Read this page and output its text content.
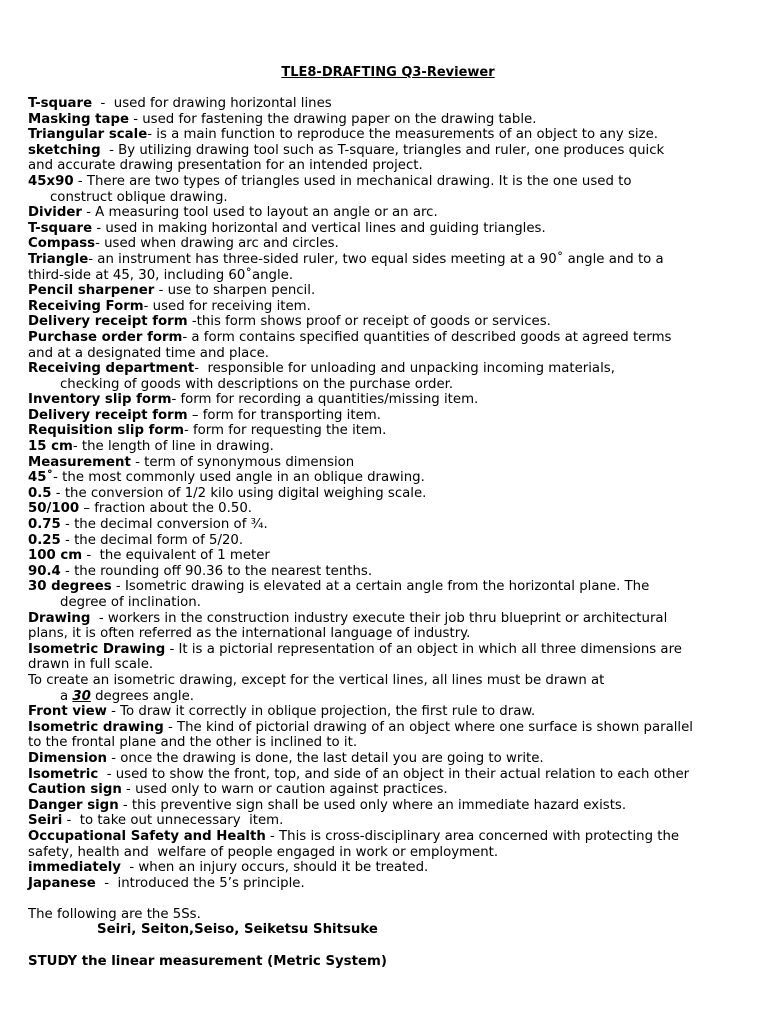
TLE8-DRAFTING Q3-Reviewer
T-square  -  used for drawing horizontal lines
Masking tape - used for fastening the drawing paper on the drawing table.
Triangular scale- is a main function to reproduce the measurements of an object to any size.
sketching  - By utilizing drawing tool such as T-square, triangles and ruler, one produces quick
and accurate drawing presentation for an intended project.
45x90 - There are two types of triangles used in mechanical drawing. It is the one used to
construct oblique drawing.
Divider - A measuring tool used to layout an angle or an arc.
T-square - used in making horizontal and vertical lines and guiding triangles.
Compass- used when drawing arc and circles.
Triangle- an instrument has three-sided ruler, two equal sides meeting at a 90˚ angle and to a
third-side at 45, 30, including 60˚angle.
Pencil sharpener - use to sharpen pencil.
Receiving Form- used for receiving item.
Delivery receipt form -this form shows proof or receipt of goods or services.
Purchase order form- a form contains specified quantities of described goods at agreed terms
and at a designated time and place.
Receiving department-  responsible for unloading and unpacking incoming materials,
checking of goods with descriptions on the purchase order.
Inventory slip form- form for recording a quantities/missing item.
Delivery receipt form – form for transporting item.
Requisition slip form- form for requesting the item.
15 cm- the length of line in drawing.
Measurement - term of synonymous dimension
45˚- the most commonly used angle in an oblique drawing.
0.5 - the conversion of 1/2 kilo using digital weighing scale.
50/100 – fraction about the 0.50.
0.75 - the decimal conversion of ¾.
0.25 - the decimal form of 5/20.
100 cm -  the equivalent of 1 meter
90.4 - the rounding off 90.36 to the nearest tenths.
30 degrees - Isometric drawing is elevated at a certain angle from the horizontal plane. The
degree of inclination.
Drawing  - workers in the construction industry execute their job thru blueprint or architectural
plans, it is often referred as the international language of industry.
Isometric Drawing - It is a pictorial representation of an object in which all three dimensions are
drawn in full scale.
To create an isometric drawing, except for the vertical lines, all lines must be drawn at
a 30 degrees angle.
Front view - To draw it correctly in oblique projection, the first rule to draw.
Isometric drawing - The kind of pictorial drawing of an object where one surface is shown parallel
to the frontal plane and the other is inclined to it.
Dimension - once the drawing is done, the last detail you are going to write.
Isometric  - used to show the front, top, and side of an object in their actual relation to each other
Caution sign - used only to warn or caution against practices.
Danger sign - this preventive sign shall be used only where an immediate hazard exists.
Seiri -  to take out unnecessary  item.
Occupational Safety and Health - This is cross-disciplinary area concerned with protecting the
safety, health and  welfare of people engaged in work or employment.
immediately  - when an injury occurs, should it be treated.
Japanese  -  introduced the 5’s principle.
The following are the 5Ss.
Seiri, Seiton,Seiso, Seiketsu Shitsuke
STUDY the linear measurement (Metric System)
